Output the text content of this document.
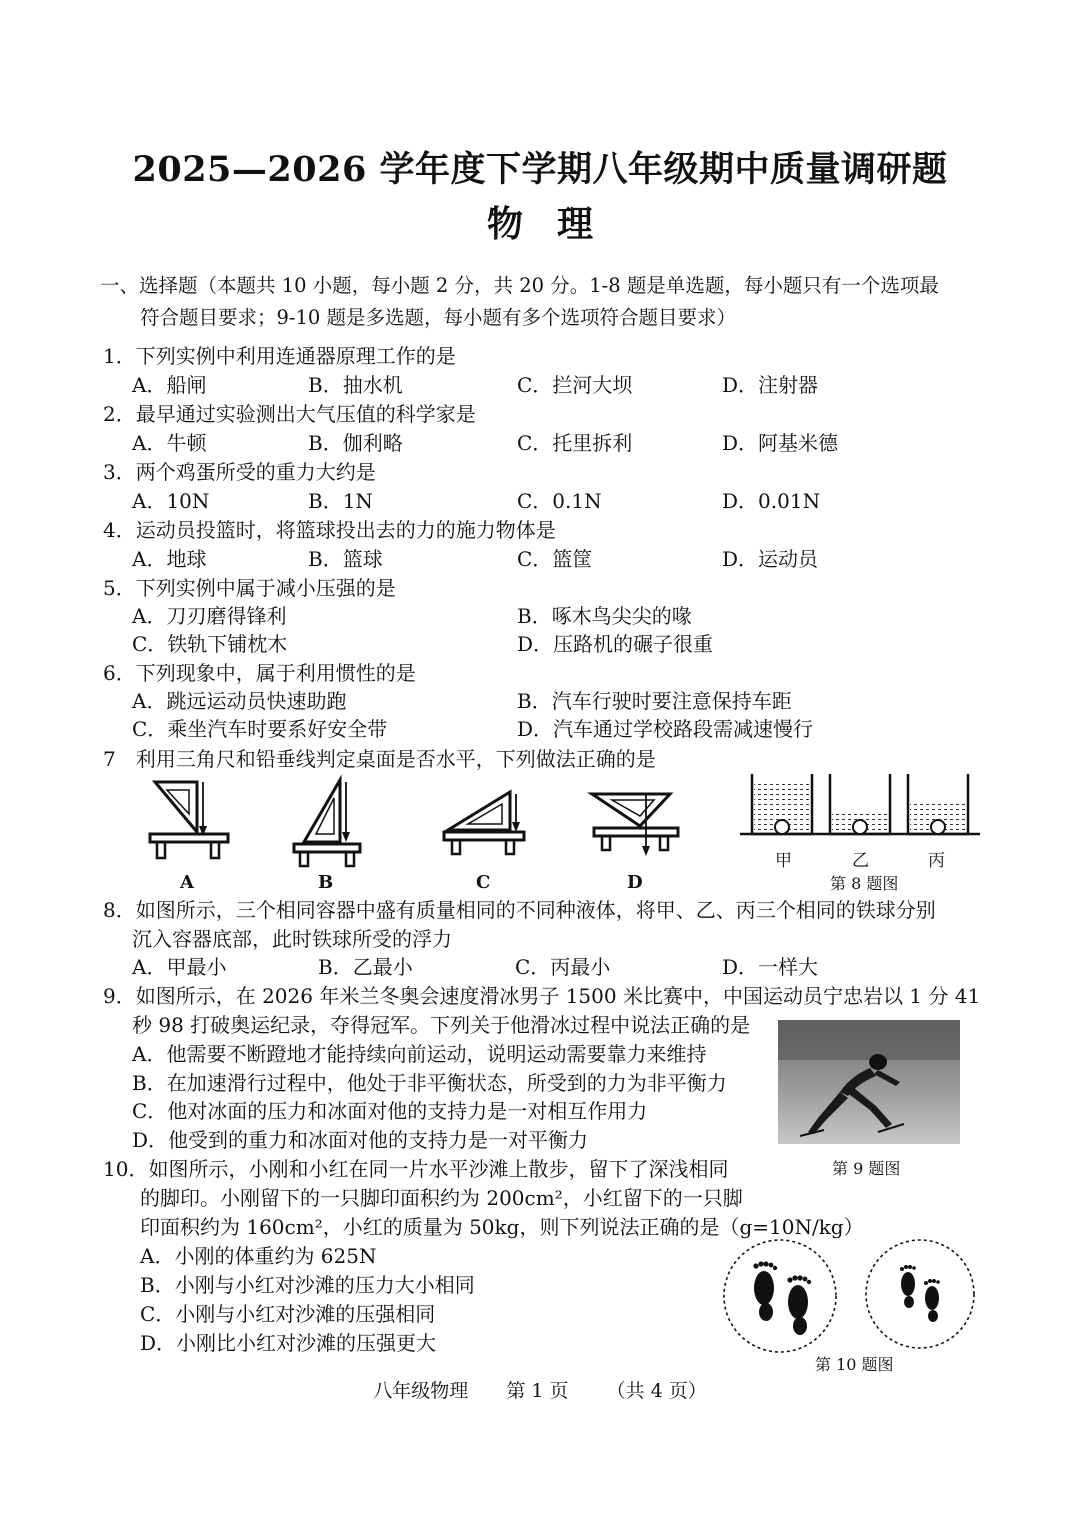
2025—2026 学年度下学期八年级期中质量调研题
物理
一、选择题（本题共 10 小题，每小题 2 分，共 20 分。1-8 题是单选题，每小题只有一个选项最
符合题目要求；9-10 题是多选题，每小题有多个选项符合题目要求）
1．下列实例中利用连通器原理工作的是
A．船闸	B．抽水机	C．拦河大坝	D．注射器
2．最早通过实验测出大气压值的科学家是
A．牛顿	B．伽利略	C．托里拆利	D．阿基米德
3．两个鸡蛋所受的重力大约是
A．10N	B．1N	C．0.1N	D．0.01N
4．运动员投篮时，将篮球投出去的力的施力物体是
A．地球	B．篮球	C．篮筐	D．运动员
5．下列实例中属于减小压强的是
A．刀刃磨得锋利	B．啄木鸟尖尖的喙
C．铁轨下铺枕木	D．压路机的碾子很重
6．下列现象中，属于利用惯性的是
A．跳远运动员快速助跑	B．汽车行驶时要注意保持车距
C．乘坐汽车时要系好安全带	D．汽车通过学校路段需减速慢行
7　利用三角尺和铅垂线判定桌面是否水平，下列做法正确的是
A	B	C	D
甲	乙	丙
第 8 题图
8．如图所示，三个相同容器中盛有质量相同的不同种液体，将甲、乙、丙三个相同的铁球分别
沉入容器底部，此时铁球所受的浮力
A．甲最小	B．乙最小	C．丙最小	D．一样大
9．如图所示，在 2026 年米兰冬奥会速度滑冰男子 1500 米比赛中，中国运动员宁忠岩以 1 分 41
秒 98 打破奥运纪录，夺得冠军。下列关于他滑冰过程中说法正确的是
A．他需要不断蹬地才能持续向前运动，说明运动需要靠力来维持
B．在加速滑行过程中，他处于非平衡状态，所受到的力为非平衡力
C．他对冰面的压力和冰面对他的支持力是一对相互作用力
D．他受到的重力和冰面对他的支持力是一对平衡力
第 9 题图
10．如图所示，小刚和小红在同一片水平沙滩上散步，留下了深浅相同
的脚印。小刚留下的一只脚印面积约为 200cm²，小红留下的一只脚
印面积约为 160cm²，小红的质量为 50kg，则下列说法正确的是（g=10N/kg）
A．小刚的体重约为 625N
B．小刚与小红对沙滩的压力大小相同
C．小刚与小红对沙滩的压强相同
D．小刚比小红对沙滩的压强更大
第 10 题图
八年级物理 第 1 页 （共 4 页）
